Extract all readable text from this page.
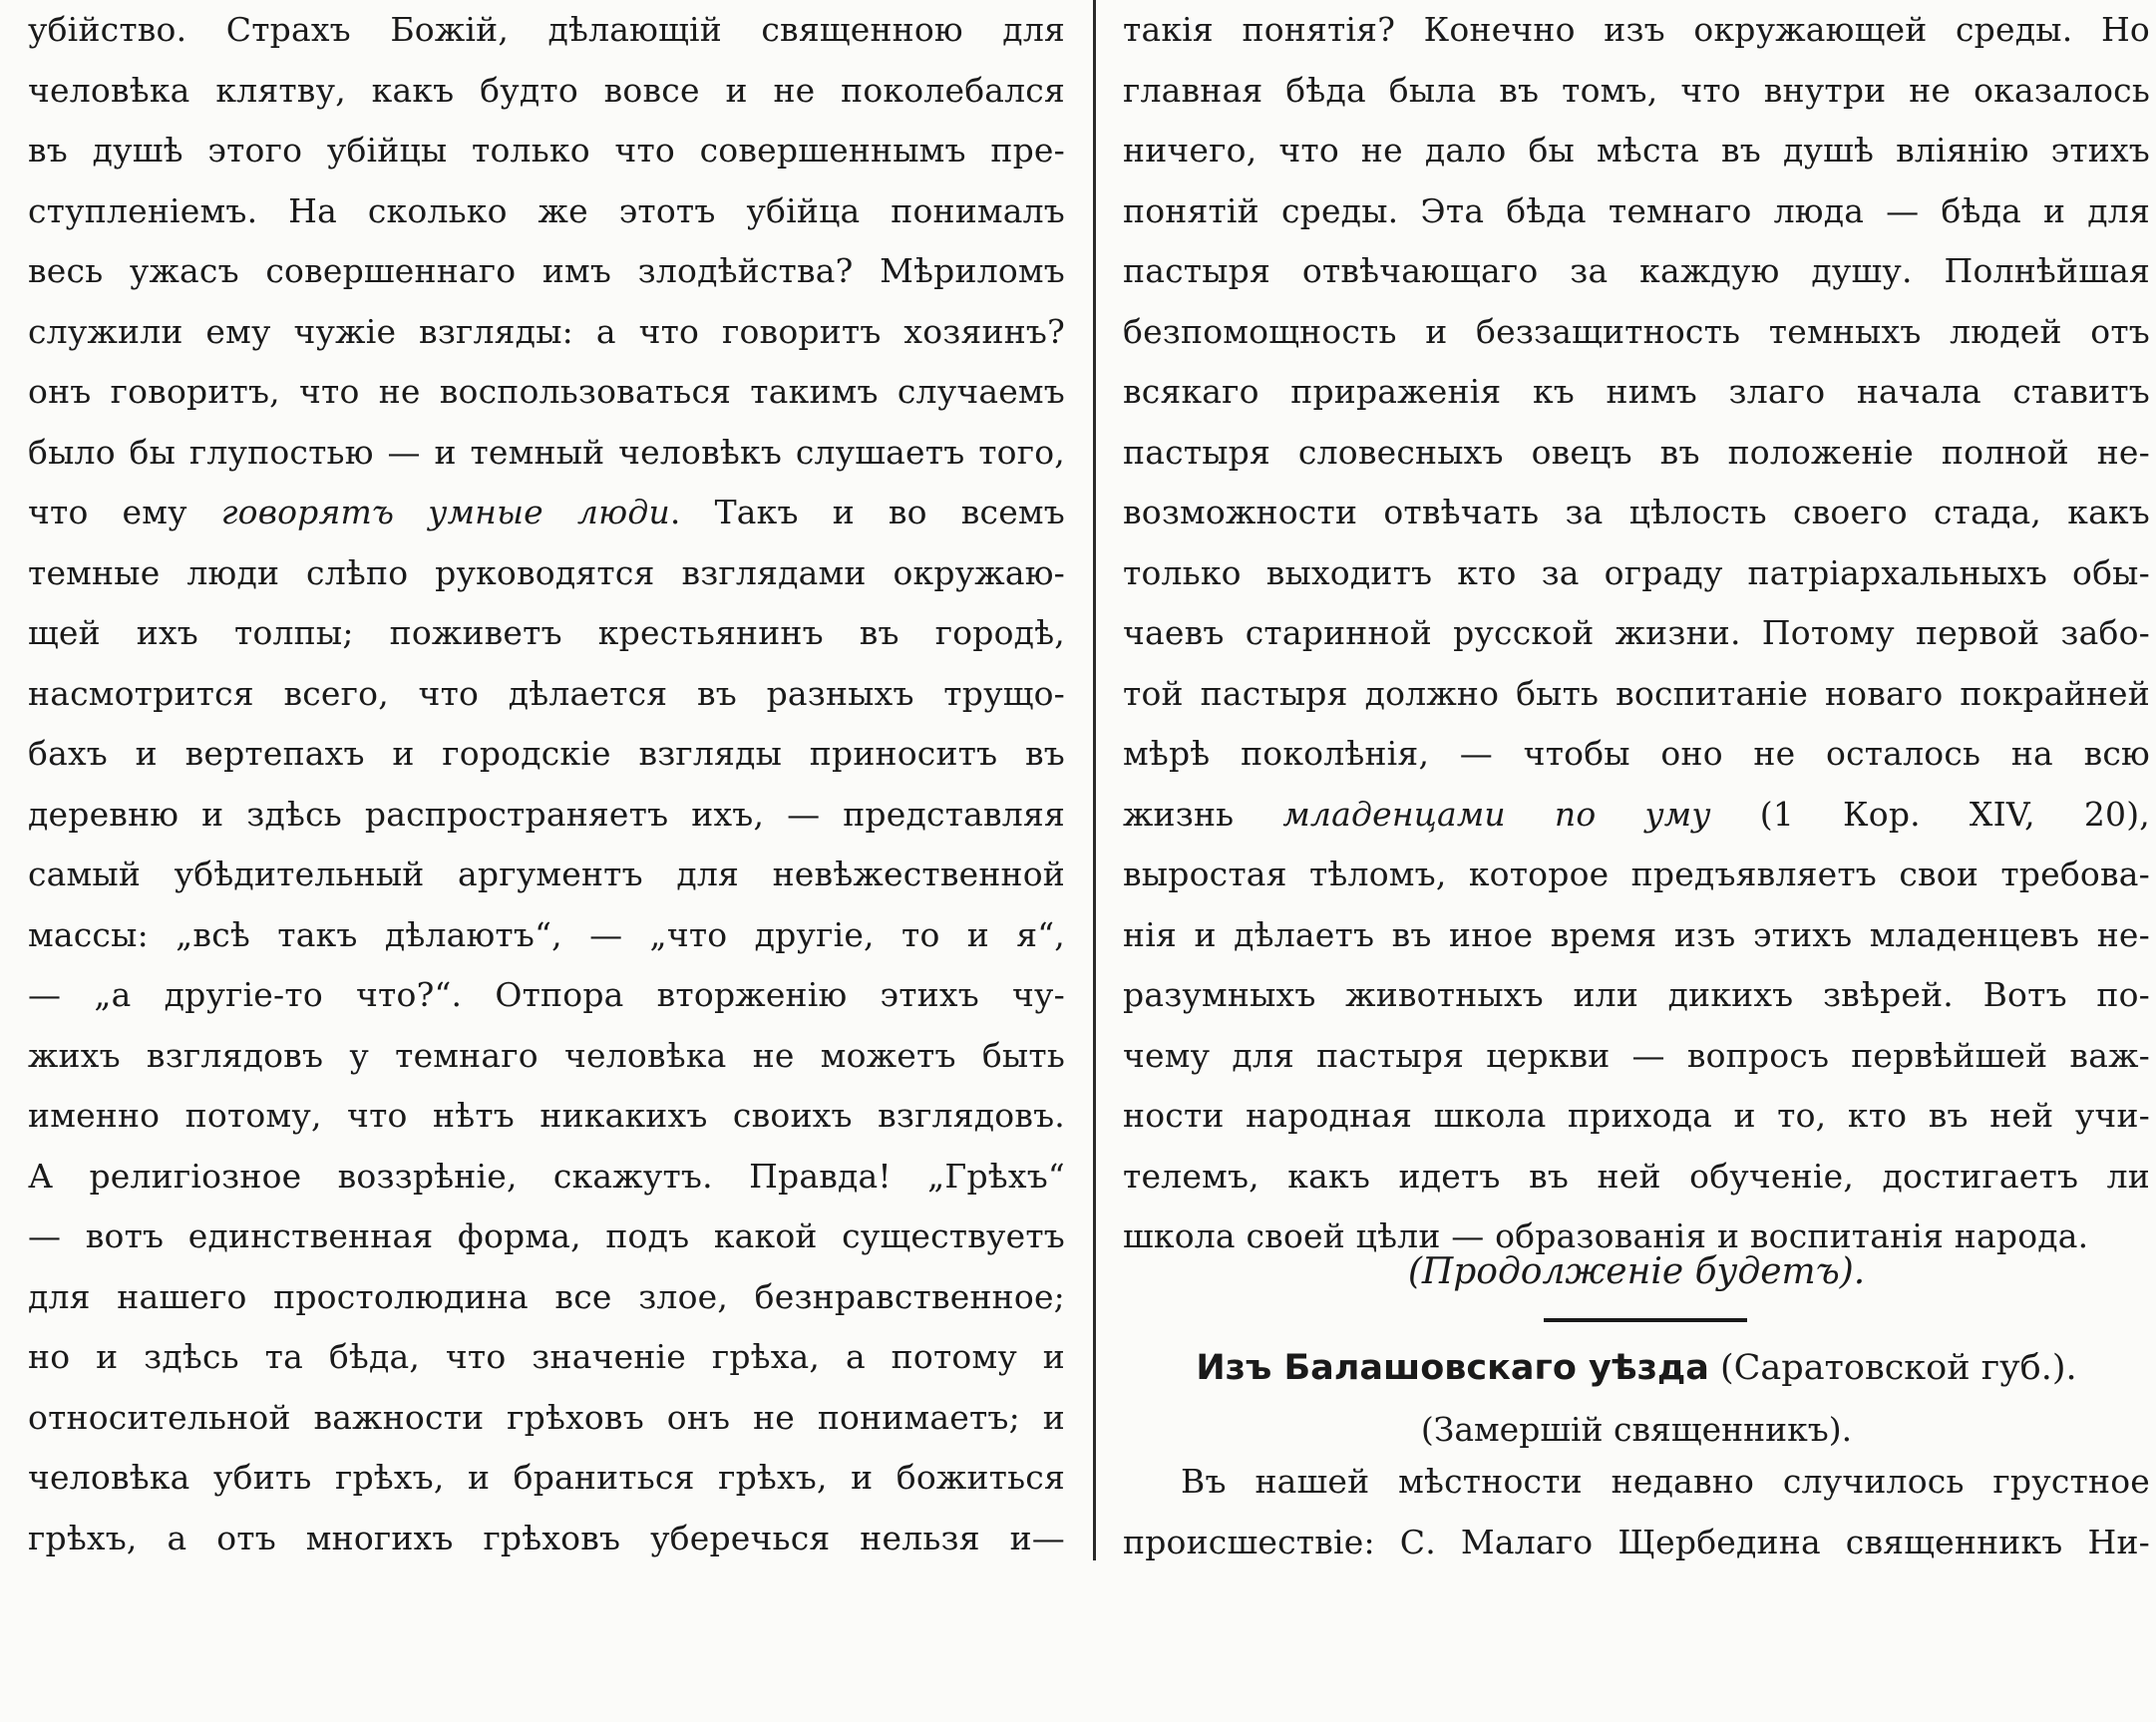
убійство. Страхъ Божій, дѣлающій священною для
человѣка клятву, какъ будто вовсе и не поколебался
въ душѣ этого убійцы только что совершеннымъ пре-
ступленіемъ. На сколько же этотъ убійца понималъ
весь ужасъ совершеннаго имъ злодѣйства? Мѣриломъ
служили ему чужіе взгляды: а что говоритъ хозяинъ?
онъ говоритъ, что не воспользоваться такимъ случаемъ
было бы глупостью — и темный человѣкъ слушаетъ того,
что ему говорятъ умные люди. Такъ и во всемъ
темные люди слѣпо руководятся взглядами окружаю-
щей ихъ толпы; поживетъ крестьянинъ въ городѣ,
насмотрится всего, что дѣлается въ разныхъ трущо-
бахъ и вертепахъ и городскіе взгляды приноситъ въ
деревню и здѣсь распространяетъ ихъ, — представляя
самый убѣдительный аргументъ для невѣжественной
массы: „всѣ такъ дѣлаютъ“, — „что другіе, то и я“,
— „а другіе-то что?“. Отпора вторженію этихъ чу-
жихъ взглядовъ у темнаго человѣка не можетъ быть
именно потому, что нѣтъ никакихъ своихъ взглядовъ.
А религіозное воззрѣніе, скажутъ. Правда! „Грѣхъ“
— вотъ единственная форма, подъ какой существуетъ
для нашего простолюдина все злое, безнравственное;
но и здѣсь та бѣда, что значеніе грѣха, а потому и
относительной важности грѣховъ онъ не понимаетъ; и
человѣка убить грѣхъ, и браниться грѣхъ, и божиться
грѣхъ, а отъ многихъ грѣховъ уберечься нельзя и—
такія понятія? Конечно изъ окружающей среды. Но
главная бѣда была въ томъ, что внутри не оказалось
ничего, что не дало бы мѣста въ душѣ вліянію этихъ
понятій среды. Эта бѣда темнаго люда — бѣда и для
пастыря отвѣчающаго за каждую душу. Полнѣйшая
безпомощность и беззащитность темныхъ людей отъ
всякаго прираженія къ нимъ злаго начала ставитъ
пастыря словесныхъ овецъ въ положеніе полной не-
возможности отвѣчать за цѣлость своего стада, какъ
только выходитъ кто за ограду патріархальныхъ обы-
чаевъ старинной русской жизни. Потому первой забо-
той пастыря должно быть воспитаніе новаго покрайней
мѣрѣ поколѣнія, — чтобы оно не осталось на всю
жизнь младенцами по уму (1 Кор. XIV, 20),
выростая тѣломъ, которое предъявляетъ свои требова-
нія и дѣлаетъ въ иное время изъ этихъ младенцевъ не-
разумныхъ животныхъ или дикихъ звѣрей. Вотъ по-
чему для пастыря церкви — вопросъ первѣйшей важ-
ности народная школа прихода и то, кто въ ней учи-
телемъ, какъ идетъ въ ней обученіе, достигаетъ ли
школа своей цѣли — образованія и воспитанія народа.
(Продолженіе будетъ).
Изъ Балашовскаго уѣзда (Саратовской губ.).
(Замершій священникъ).
Въ нашей мѣстности недавно случилось грустное
происшествіе: С. Малаго Щербедина священникъ Ни-
